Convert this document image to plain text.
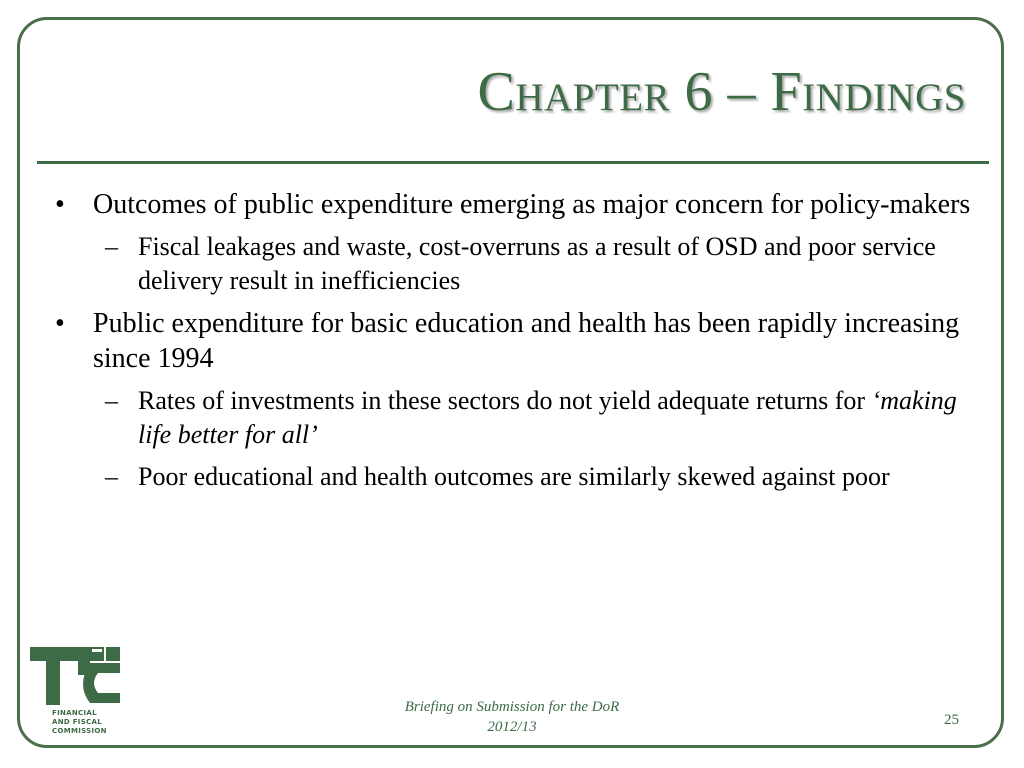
Chapter 6 – Findings
• Outcomes of public expenditure emerging as major concern for policy-makers
– Fiscal leakages and waste, cost-overruns as a result of OSD and poor service delivery result in inefficiencies
• Public expenditure for basic education and health has been rapidly increasing since 1994
– Rates of investments in these sectors do not yield adequate returns for ‘making life better for all’
– Poor educational and health outcomes are similarly skewed against poor
FINANCIAL
AND FISCAL
COMMISSION
Briefing on Submission for the DoR
2012/13	25
